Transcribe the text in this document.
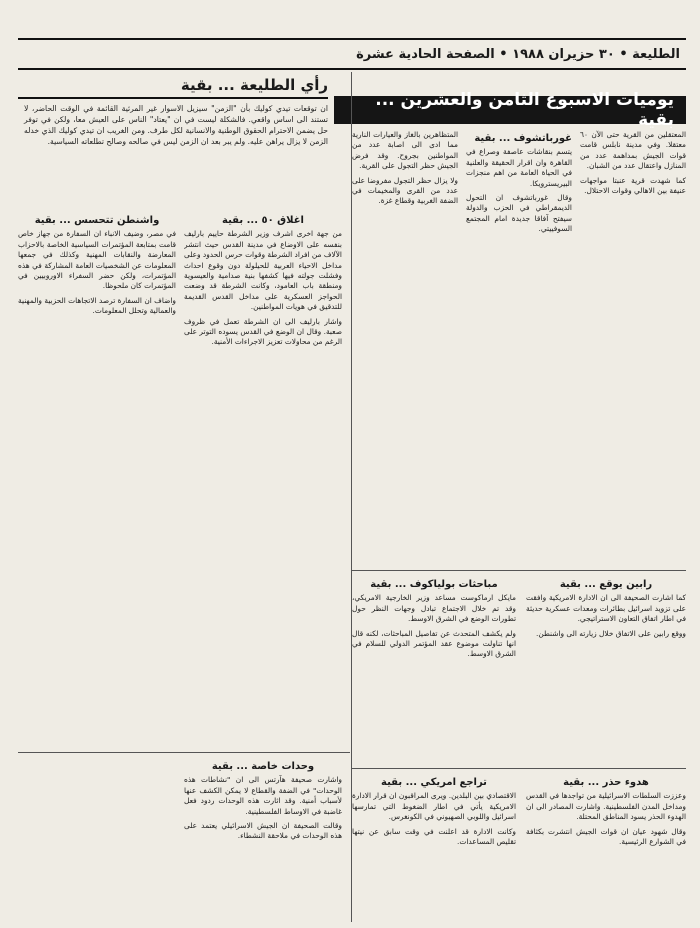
الطليعة • ٣٠ حزيران ١٩٨٨ • الصفحة الحادية عشرة
يوميات الاسبوع الثامن والعشرين ... بقية
رأي الطليعة ... بقية
ان توقعات تيدي كوليك بأن "الزمن" سيزيل الاسوار غير المرئية القائمة في الوقت الحاضر، لا تستند الى اساس واقعي. فالشكلة ليست في ان "يعتاد" الناس على العيش معا، ولكن في توفر حل يضمن الاحترام الحقوق الوطنية والانسانية لكل طرف. ومن الغريب ان تيدي كوليك الذي خدله الزمن لا يزال يراهن عليه. ولم يبر بعد ان الزمن ليس في صالحه وصالح تطلعاته السياسية.

المعتقلين من القرية حتى الآن ٦٠ معتقلا. وفي مدينة نابلس قامت قوات الجيش بمداهمة عدد من المنازل واعتقال عدد من الشبان.

كما شهدت قرية عنبتا مواجهات عنيفة بين الاهالي وقوات الاحتلال.

غورباتشوف ... بقية

يتسم بنقاشات عاصفة وصراع في القاهرة وان اقرار الحقيقة والعلنية في الحياة العامة من اهم منجزات البيريسترويكا.

وقال غورباتشوف ان التحول الديمقراطي في الحزب والدولة سيفتح آفاقا جديدة امام المجتمع السوفييتي.

المتظاهرين بالغاز والعيارات النارية مما ادى الى اصابة عدد من المواطنين بجروح. وقد فرض الجيش حظر التجول على القرية.

ولا يزال حظر التجول مفروضا على عدد من القرى والمخيمات في الضفة الغربية وقطاع غزة.

رابين يوقع ... بقية

كما اشارت الصحيفة الى ان الادارة الامريكية وافقت على تزويد اسرائيل بطائرات ومعدات عسكرية حديثة في اطار اتفاق التعاون الاستراتيجي.

ووقع رابين على الاتفاق خلال زيارته الى واشنطن.

مباحثات بولياكوف ... بقية

مايكل ارماكوست مساعد وزير الخارجية الامريكي، وقد تم خلال الاجتماع تبادل وجهات النظر حول تطورات الوضع في الشرق الاوسط.

ولم يكشف المتحدث عن تفاصيل المباحثات، لكنه قال انها تناولت موضوع عقد المؤتمر الدولي للسلام في الشرق الاوسط.

هدوء حذر ... بقية

وعززت السلطات الاسرائيلية من تواجدها في القدس ومداخل المدن الفلسطينية. واشارت المصادر الى ان الهدوء الحذر يسود المناطق المحتلة.

وقال شهود عيان ان قوات الجيش انتشرت بكثافة في الشوارع الرئيسية.

تراجع امريكي ... بقية

الاقتصادي بين البلدين. ويرى المراقبون ان قرار الادارة الامريكية يأتي في اطار الضغوط التي تمارسها اسرائيل واللوبي الصهيوني في الكونغرس.

وكانت الادارة قد اعلنت في وقت سابق عن نيتها تقليص المساعدات.

اغلاق ٥٠ ... بقية

من جهة اخرى اشرف وزير الشرطة حاييم بارليف بنفسه على الاوضاع في مدينة القدس حيث انتشر الآلاف من افراد الشرطة وقوات حرس الحدود وعلى مداخل الاحياء العربية للحيلولة دون وقوع احداث وفشلت جولته فيها كشفها بنية صدامية والعيسوية ومنطقة باب العامود، وكانت الشرطة قد وضعت الحواجز العسكرية على مداخل القدس القديمة للتدقيق في هويات المواطنين.

واشار بارليف الى ان الشرطة تعمل في ظروف صعبة. وقال ان الوضع في القدس يسوده التوتر على الرغم من محاولات تعزيز الاجراءات الأمنية.

واشنطن تتحسس ... بقية

في مصر، وضيف الانباء ان السفارة من جهاز خاص قامت بمتابعة المؤتمرات السياسية الخاصة بالاحزاب المعارضة والنقابات المهنية وكذلك في جمعها المعلومات عن الشخصيات العامة المشاركة في هذه المؤتمرات، ولكن حضر السفراء الاوروبيين في المؤتمرات كان ملحوظا.

واضاف ان السفارة ترصد الاتجاهات الحزبية والمهنية والعمالية وتحلل المعلومات.

وحدات خاصة ... بقية

واشارت صحيفة هآرتس الى ان "نشاطات هذه الوحدات" في الضفة والقطاع لا يمكن الكشف عنها لأسباب أمنية. وقد اثارت هذه الوحدات ردود فعل غاضبة في الاوساط الفلسطينية.

وقالت الصحيفة ان الجيش الاسرائيلي يعتمد على هذه الوحدات في ملاحقة النشطاء.
